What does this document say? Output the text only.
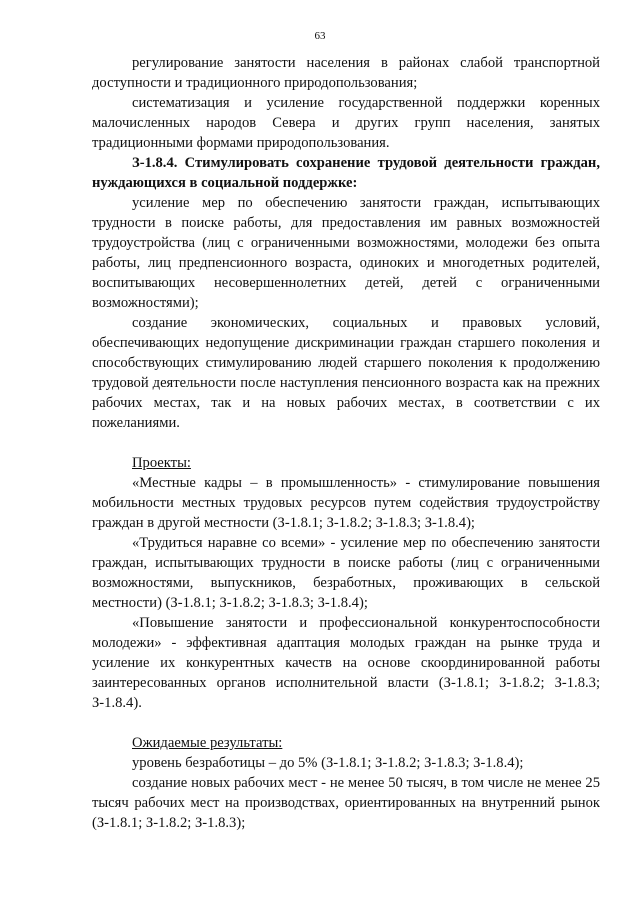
63

регулирование занятости населения в районах слабой транспортной доступности и традиционного природопользования;

систематизация и усиление государственной поддержки коренных малочисленных народов Севера и других групп населения, занятых традиционными формами природопользования.

З-1.8.4. Стимулировать сохранение трудовой деятельности граждан, нуждающихся в социальной поддержке:

усиление мер по обеспечению занятости граждан, испытывающих трудности в поиске работы, для предоставления им равных возможностей трудоустройства (лиц с ограниченными возможностями, молодежи без опыта работы, лиц предпенсионного возраста, одиноких и многодетных родителей, воспитывающих несовершеннолетних детей, детей с ограниченными возможностями);

создание экономических, социальных и правовых условий, обеспечивающих недопущение дискриминации граждан старшего поколения и способствующих стимулированию людей старшего поколения к продолжению трудовой деятельности после наступления пенсионного возраста как на прежних рабочих местах, так и на новых рабочих местах, в соответствии с их пожеланиями.

Проекты:

«Местные кадры – в промышленность» - стимулирование повышения мобильности местных трудовых ресурсов путем содействия трудоустройству граждан в другой местности (З-1.8.1; З-1.8.2; З-1.8.3; З-1.8.4);

«Трудиться наравне со всеми» - усиление мер по обеспечению занятости граждан, испытывающих трудности в поиске работы (лиц с ограниченными возможностями, выпускников, безработных, проживающих в сельской местности) (З-1.8.1; З-1.8.2; З-1.8.3; З-1.8.4);

«Повышение занятости и профессиональной конкурентоспособности молодежи» - эффективная адаптация молодых граждан на рынке труда и усиление их конкурентных качеств на основе скоординированной работы заинтересованных органов исполнительной власти (З-1.8.1; З-1.8.2; З-1.8.3; З-1.8.4).

Ожидаемые результаты:

уровень безработицы – до 5% (З-1.8.1; З-1.8.2; З-1.8.3; З-1.8.4);

создание новых рабочих мест - не менее 50 тысяч, в том числе не менее 25 тысяч рабочих мест на производствах, ориентированных на внутренний рынок (З-1.8.1; З-1.8.2; З-1.8.3);
